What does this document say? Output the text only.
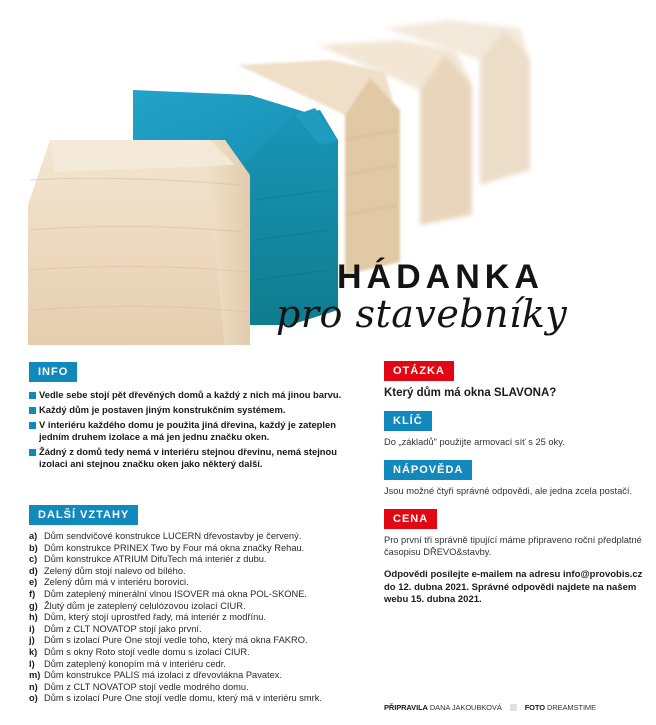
HÁDANKA
pro stavebníky
INFO
Vedle sebe stojí pět dřevěných domů a každý z nich má jinou barvu.
Každý dům je postaven jiným konstrukčním systémem.
V interiéru každého domu je použita jiná dřevina, každý je zateplen jedním druhem izolace a má jen jednu značku oken.
Žádný z domů tedy nemá v interiéru stejnou dřevinu, nemá stejnou izolaci ani stejnou značku oken jako některý další.
DALŠÍ VZTAHY
a) Dům sendvičové konstrukce LUCERN dřevostavby je červený.
b) Dům konstrukce PRINEX Two by Four má okna značky Rehau.
c) Dům konstrukce ATRIUM DifuTech má interiér z dubu.
d) Zelený dům stojí nalevo od bílého.
e) Zelený dům má v interiéru borovici.
f) Dům zateplený minerální vlnou ISOVER má okna POL-SKONE.
g) Žlutý dům je zateplený celulózovou izolací CIUR.
h) Dům, který stojí uprostřed řady, má interiér z modřínu.
i)	Dům z CLT NOVATOP stojí jako první.
j)	Dům s izolací Pure One stojí vedle toho, který má okna FAKRO.
k) Dům s okny Roto stojí vedle domu s izolací CIUR.
l)	Dům zateplený konopím má v interiéru cedr.
m) Dům konstrukce PALIS má izolaci z dřevovlákna Pavatex.
n) Dům z CLT NOVATOP stojí vedle modrého domu.
o) Dům s izolací Pure One stojí vedle domu, který má v interiéru smrk.
OTÁZKA
Který dům má okna SLAVONA?
KLÍČ

Do „základů" použijte armovací síť s 25 oky.

NÁPOVĚDA

Jsou možné čtyři správné odpovědi, ale jedna zcela postačí.

CENA

Pro první tři správně tipující máme připraveno roční předplatné časopisu DŘEVO&stavby.

Odpovědi posílejte e-mailem na adresu info@provobis.cz do 12. dubna 2021. Správné odpovědi najdete na našem webu 15. dubna 2021.
PŘIPRAVILA DANA JAKOUBKOVÁ	FOTO DREAMSTIME
